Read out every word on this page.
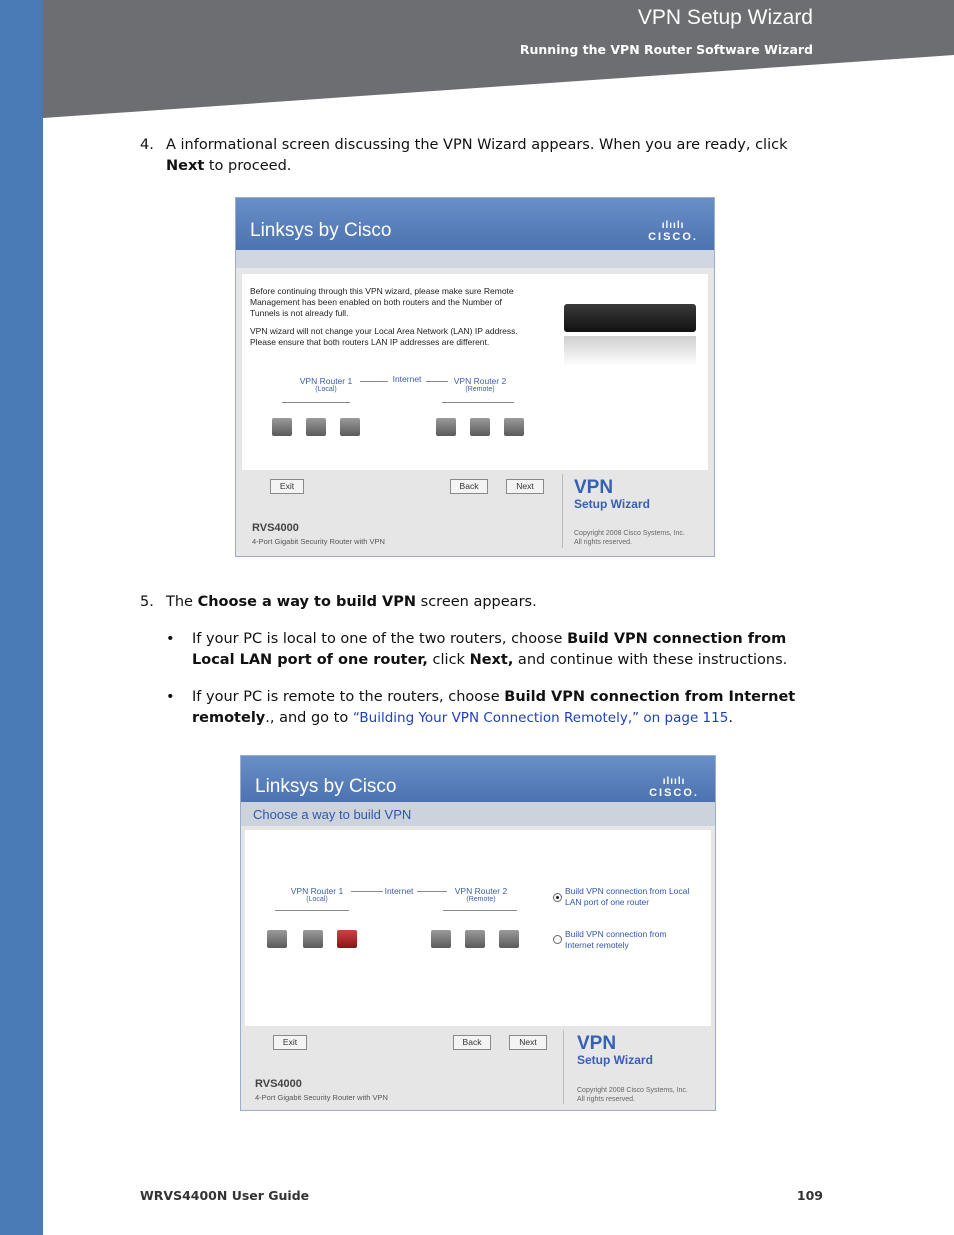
VPN Setup Wizard
Running the VPN Router Software Wizard
4. A informational screen discussing the VPN Wizard appears. When you are ready, click Next to proceed.
Linksys by Cisco	ılıılı
CISCO.
Before continuing through this VPN wizard, please make sure Remote Management has been enabled on both routers and the Number of Tunnels is not already full.
VPN wizard will not change your Local Area Network (LAN) IP address. Please ensure that both routers LAN IP addresses are different.
VPN Router 1
(Local)
Internet	VPN Router 2
(Remote)
Exit	Back	Next	VPN
Setup Wizard
RVS4000
4-Port Gigabit Security Router with VPN
Copyright 2008 Cisco Systems, Inc.
All rights reserved.
5. The Choose a way to build VPN screen appears.
• If your PC is local to one of the two routers, choose Build VPN connection from Local LAN port of one router, click Next, and continue with these instructions.
• If your PC is remote to the routers, choose Build VPN connection from Internet remotely., and go to “Building Your VPN Connection Remotely,” on page 115.
Linksys by Cisco	ılıılı
CISCO.
Choose a way to build VPN
VPN Router 1
(Local)
Internet	VPN Router 2
(Remote)
Build VPN connection from Local LAN port of one router
Build VPN connection from Internet remotely
Exit	Back	Next	VPN
Setup Wizard
RVS4000
4-Port Gigabit Security Router with VPN
Copyright 2008 Cisco Systems, Inc.
All rights reserved.
WRVS4400N User Guide	109
